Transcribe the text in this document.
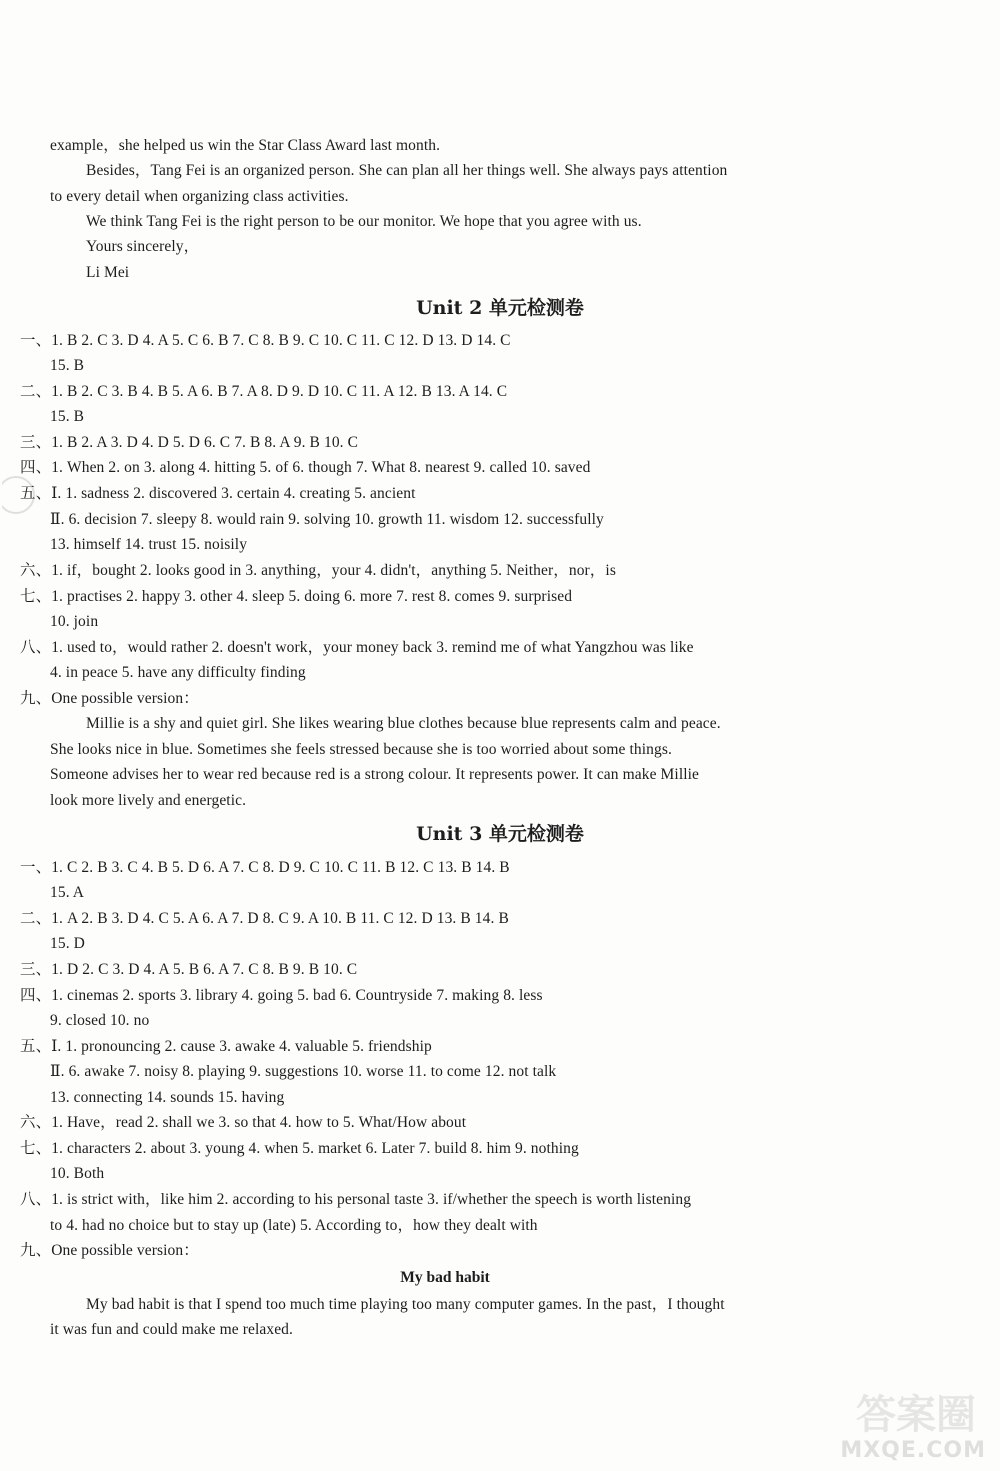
example，she helped us win the Star Class Award last month.
Besides，Tang Fei is an organized person. She can plan all her things well. She always pays attention
to every detail when organizing class activities.
We think Tang Fei is the right person to be our monitor. We hope that you agree with us.
Yours sincerely，
Li Mei
Unit 2 单元检测卷
一、1. B 2. C 3. D 4. A 5. C 6. B 7. C 8. B 9. C 10. C 11. C 12. D 13. D 14. C
15. B
二、1. B 2. C 3. B 4. B 5. A 6. B 7. A 8. D 9. D 10. C 11. A 12. B 13. A 14. C
15. B
三、1. B 2. A 3. D 4. D 5. D 6. C 7. B 8. A 9. B 10. C
四、1. When 2. on 3. along 4. hitting 5. of 6. though 7. What 8. nearest 9. called 10. saved
五、Ⅰ. 1. sadness 2. discovered 3. certain 4. creating 5. ancient
Ⅱ. 6. decision 7. sleepy 8. would rain 9. solving 10. growth 11. wisdom 12. successfully
13. himself 14. trust 15. noisily
六、1. if，bought 2. looks good in 3. anything，your 4. didn't，anything 5. Neither，nor，is
七、1. practises 2. happy 3. other 4. sleep 5. doing 6. more 7. rest 8. comes 9. surprised
10. join
八、1. used to，would rather 2. doesn't work，your money back 3. remind me of what Yangzhou was like
4. in peace 5. have any difficulty finding
九、One possible version：
Millie is a shy and quiet girl. She likes wearing blue clothes because blue represents calm and peace.
She looks nice in blue. Sometimes she feels stressed because she is too worried about some things.
Someone advises her to wear red because red is a strong colour. It represents power. It can make Millie
look more lively and energetic.
Unit 3 单元检测卷
一、1. C 2. B 3. C 4. B 5. D 6. A 7. C 8. D 9. C 10. C 11. B 12. C 13. B 14. B
15. A
二、1. A 2. B 3. D 4. C 5. A 6. A 7. D 8. C 9. A 10. B 11. C 12. D 13. B 14. B
15. D
三、1. D 2. C 3. D 4. A 5. B 6. A 7. C 8. B 9. B 10. C
四、1. cinemas 2. sports 3. library 4. going 5. bad 6. Countryside 7. making 8. less
9. closed 10. no
五、Ⅰ. 1. pronouncing 2. cause 3. awake 4. valuable 5. friendship
Ⅱ. 6. awake 7. noisy 8. playing 9. suggestions 10. worse 11. to come 12. not talk
13. connecting 14. sounds 15. having
六、1. Have，read 2. shall we 3. so that 4. how to 5. What/How about
七、1. characters 2. about 3. young 4. when 5. market 6. Later 7. build 8. him 9. nothing
10. Both
八、1. is strict with，like him 2. according to his personal taste 3. if/whether the speech is worth listening
to 4. had no choice but to stay up (late) 5. According to，how they dealt with
九、One possible version：
My bad habit
My bad habit is that I spend too much time playing too many computer games. In the past，I thought
it was fun and could make me relaxed.
答案圈
MXQE.COM
